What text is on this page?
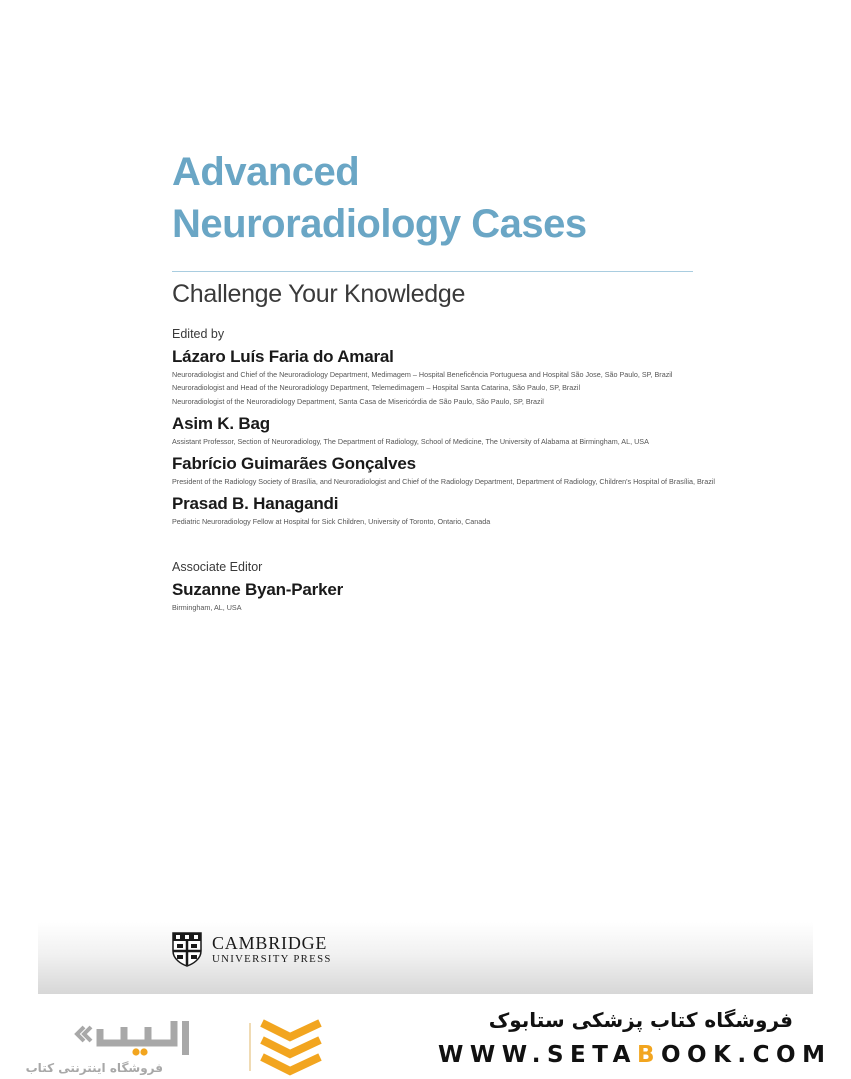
Advanced
Neuroradiology Cases
Challenge Your Knowledge
Edited by
Lázaro Luís Faria do Amaral
Neuroradiologist and Chief of the Neuroradiology Department, Medimagem – Hospital Beneficência Portuguesa and Hospital São Jose, São Paulo, SP, Brazil
Neuroradiologist and Head of the Neuroradiology Department, Telemedimagem – Hospital Santa Catarina, São Paulo, SP, Brazil
Neuroradiologist of the Neuroradiology Department, Santa Casa de Misericórdia de São Paulo, São Paulo, SP, Brazil
Asim K. Bag
Assistant Professor, Section of Neuroradiology, The Department of Radiology, School of Medicine, The University of Alabama at Birmingham, AL, USA
Fabrício Guimarães Gonçalves
President of the Radiology Society of Brasília, and Neuroradiologist and Chief of the Radiology Department, Department of Radiology, Children's Hospital of Brasília, Brazil
Prasad B. Hanagandi
Pediatric Neuroradiology Fellow at Hospital for Sick Children, University of Toronto, Ontario, Canada
Associate Editor
Suzanne Byan-Parker
Birmingham, AL, USA
CAMBRIDGE
UNIVERSITY PRESS
فروشگاه اینترنتی کتاب
فروشگاه کتاب پزشکی ستابوک
WWW.SETABOOK.COM
